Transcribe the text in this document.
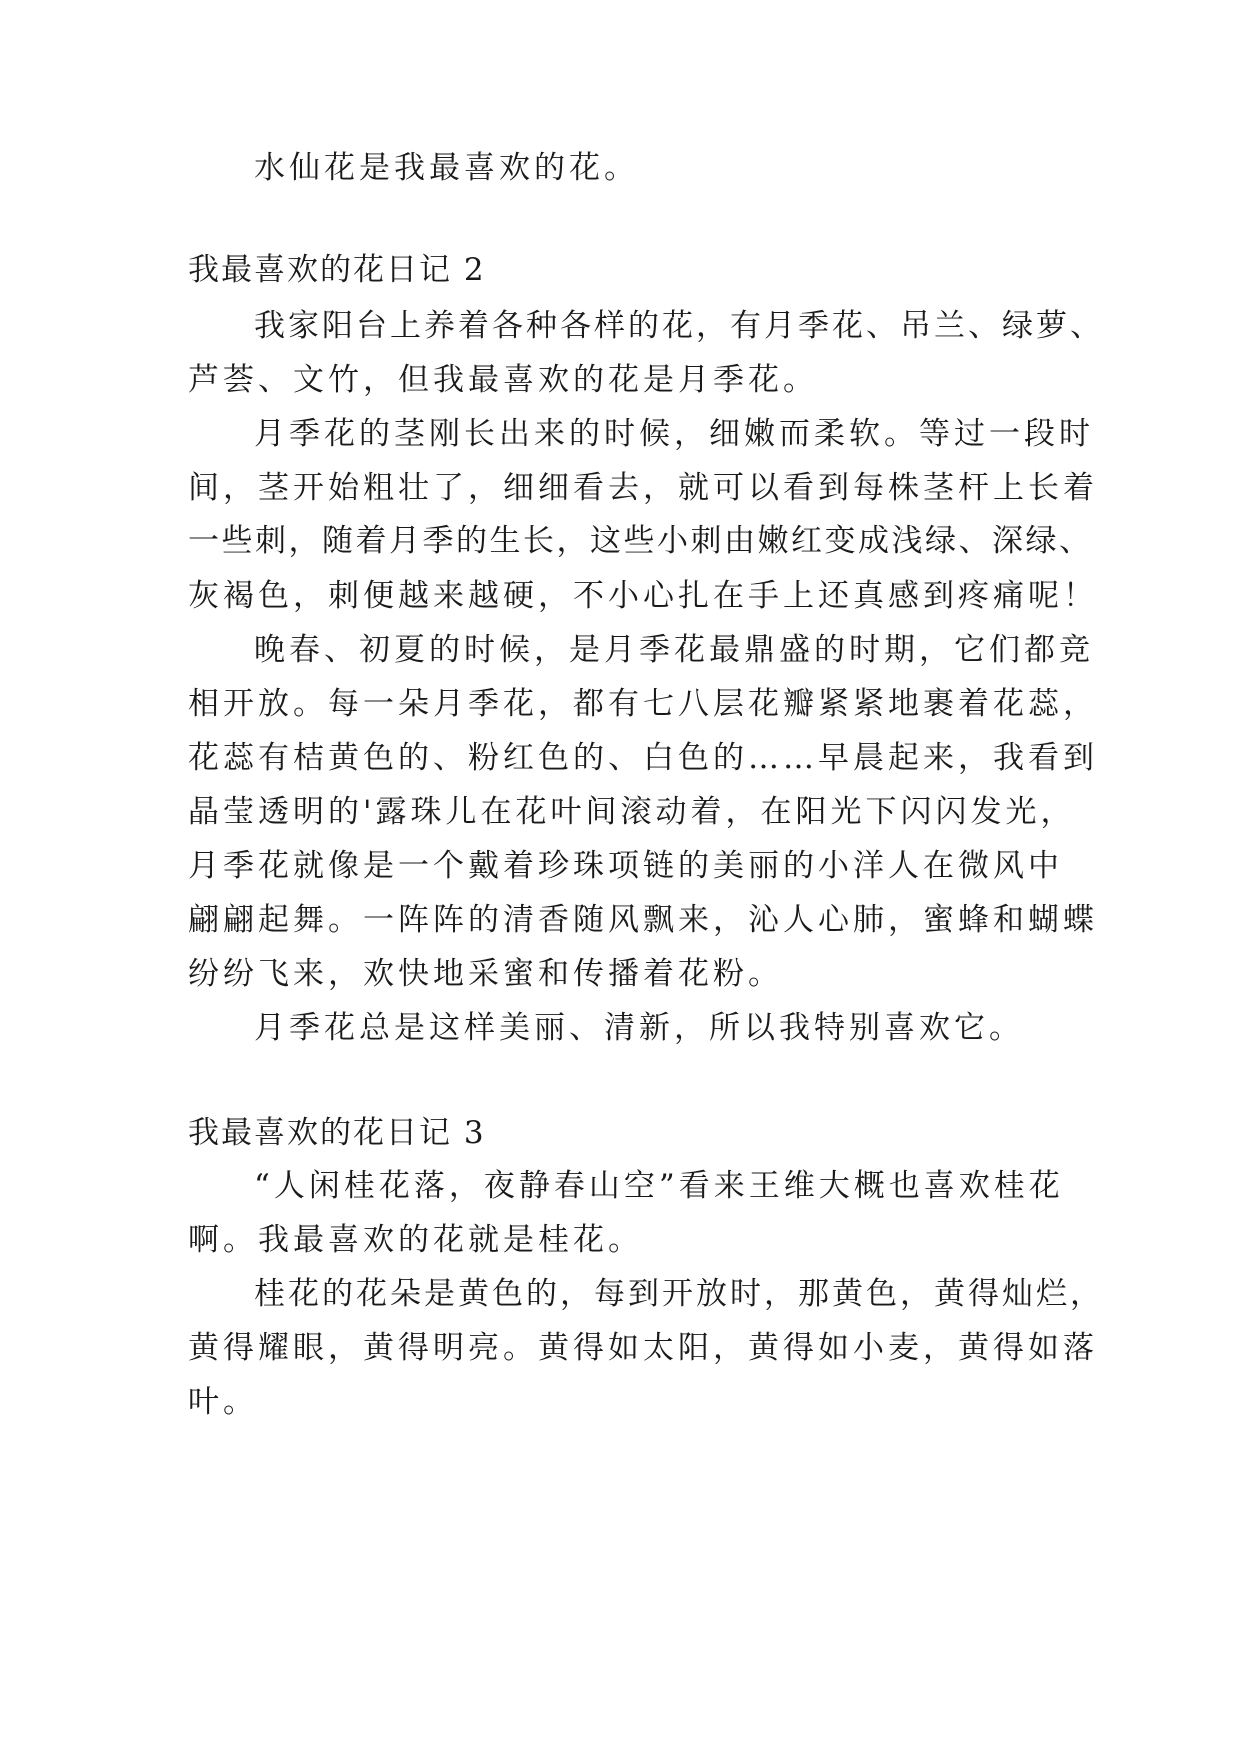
水仙花是我最喜欢的花。
我最喜欢的花日记 2
我家阳台上养着各种各样的花，有月季花、吊兰、绿萝、
芦荟、文竹，但我最喜欢的花是月季花。
月季花的茎刚长出来的时候，细嫩而柔软。等过一段时
间，茎开始粗壮了，细细看去，就可以看到每株茎杆上长着
一些刺，随着月季的生长，这些小刺由嫩红变成浅绿、深绿、
灰褐色，刺便越来越硬，不小心扎在手上还真感到疼痛呢！
晚春、初夏的时候，是月季花最鼎盛的时期，它们都竞
相开放。每一朵月季花，都有七八层花瓣紧紧地裹着花蕊，
花蕊有桔黄色的、粉红色的、白色的……早晨起来，我看到
晶莹透明的'露珠儿在花叶间滚动着，在阳光下闪闪发光，
月季花就像是一个戴着珍珠项链的美丽的小洋人在微风中
翩翩起舞。一阵阵的清香随风飘来，沁人心肺，蜜蜂和蝴蝶
纷纷飞来，欢快地采蜜和传播着花粉。
月季花总是这样美丽、清新，所以我特别喜欢它。
我最喜欢的花日记 3
“人闲桂花落，夜静春山空”看来王维大概也喜欢桂花
啊。我最喜欢的花就是桂花。
桂花的花朵是黄色的，每到开放时，那黄色，黄得灿烂，
黄得耀眼，黄得明亮。黄得如太阳，黄得如小麦，黄得如落
叶。
